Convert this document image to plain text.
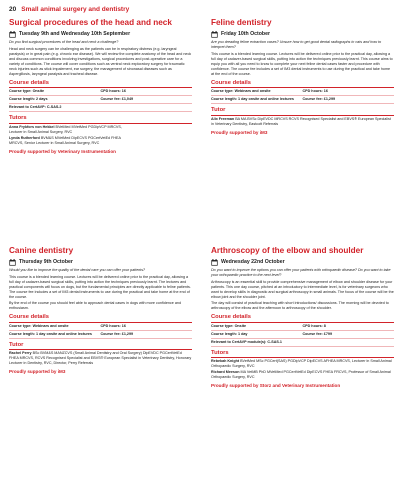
20 Small animal surgery and dentistry
Surgical procedures of the head and neck
Tuesday 9th and Wednesday 10th September

Do you find surgical procedures of the head and neck a challenge?

Head and neck surgery can be challenging as the patients can be in respiratory distress (e.g. laryngeal paralysis) or in great pain (e.g. chronic ear disease). We will review the complete anatomy of the head and neck and discuss common conditions involving investigations, surgical procedures and post-operative care for a variety of conditions. The course will cover conditions such as ventral neck exploratory surgery for traumatic neck injuries such as stick impalement, ear surgery, the management of sinonasal diseases such as Aspergillosis, laryngeal paralysis and tracheal disease.

Course details
Course type: Onsite	CPD hours: 16
Course length: 2 days	Course fee: £1,049
Relevant to CertAVP: C-SAS.2
Tutors

Anna Frykfors von Hekkel BVetMed MVetMed PGDipVCP MRCVS,
Lecturer in Small Animal Surgery, RVC

Lynda Rutherford BVM&S MVetMed DipECVS PGCertVetEd FHEA
MRCVS, Senior Lecturer in Small Animal Surgery, RVC

Proudly supported by Veterinary Instrumentation
Feline dentistry
Friday 10th October

Are you dreading feline extraction cases? Unsure how to get good dental radiographs in cats and how to interpret them?

This course is a blended learning course. Lectures will be delivered online prior to the practical day, allowing a full day of cadaver-based surgical skills, putting into action the techniques previously learnt. This course aims to equip you with all you need to know to complete your next feline dental cases faster and procedure with confidence. The course fee includes a set of IM3 dental instruments to use during the practical and take home at the end of the course.

Course details
Course type: Webinars and onsite	CPD hours: 16
Course length: 1 day onsite and online lectures	Course fee: £1,299
Tutor

Alix Freeman BA MA BVSc DipEVDC MRCVS RCVS Recognised Specialist and EBVS® European Specialist in Veterinary Dentistry, Eastcott Referrals

Proudly supported by iM3
Canine dentistry
Thursday 9th October

Would you like to improve the quality of the dental care you can offer your patients?

This course is a blended learning course. Lectures will be delivered online prior to the practical day, allowing a full day of cadaver-based surgical skills, putting into action the techniques previously learnt. The lectures and practical components will focus on dogs, but the fundamental principles are directly applicable to feline patients. The course fee includes a set of IM3 dental instruments to use during the practical and take home at the end of the course.

By the end of the course you should feel able to approach dental cases in dogs with more confidence and enthusiasm.

Course details
Course type: Webinars and onsite	CPD hours: 16
Course length: 1 day onsite and online lectures	Course fee: £1,299
Tutor

Rachel Perry BSc BVM&S MANZCVS (Small Animal Dentistry and Oral Surgery) DipEVDC PGCertVetEd FHEA MRCVS, RCVS Recognised Specialist and EBVS® European Specialist in Veterinary Dentistry, Honorary Lecturer in Dentistry, RVC, Director, Perry Referrals

Proudly supported by iM3
Arthroscopy of the elbow and shoulder
Wednesday 22nd October

Do you want to improve the options you can offer your patients with orthopaedic disease? Do you want to take your orthopaedic practice to the next level?

Arthroscopy is an essential skill to provide comprehensive management of elbow and shoulder disease for your patients. This one day course, pitched at an introductory to intermediate level, is for veterinary surgeons who want to develop skills in diagnostic and surgical arthroscopy in small animals. The focus of the course will be the elbow joint and the shoulder joint.

The day will consist of practical teaching with short introductions/ discussions. The morning will be devoted to arthroscopy of the elbow and the afternoon to arthroscopy of the shoulder.

Course details
Course type: Onsite	CPD hours: 8
Course length: 1 day	Course fee: £799
Relevant to CertAVP module(s): C-SAS.1
Tutors

Rebekah Knight BVetMed MSc PGCert(SAS) PGDipVCP DipECVS AFHEA MRCVS, Lecturer in Small Animal Orthopaedic Surgery, RVC

Richard Meeson MA VetMB PhD MVetMed PGCertVetEd DipECVS FHEA FRCVS, Professor of Small Animal Orthopaedic Surgery, RVC

Proudly supported by Storz and Veterinary Instrumentation
